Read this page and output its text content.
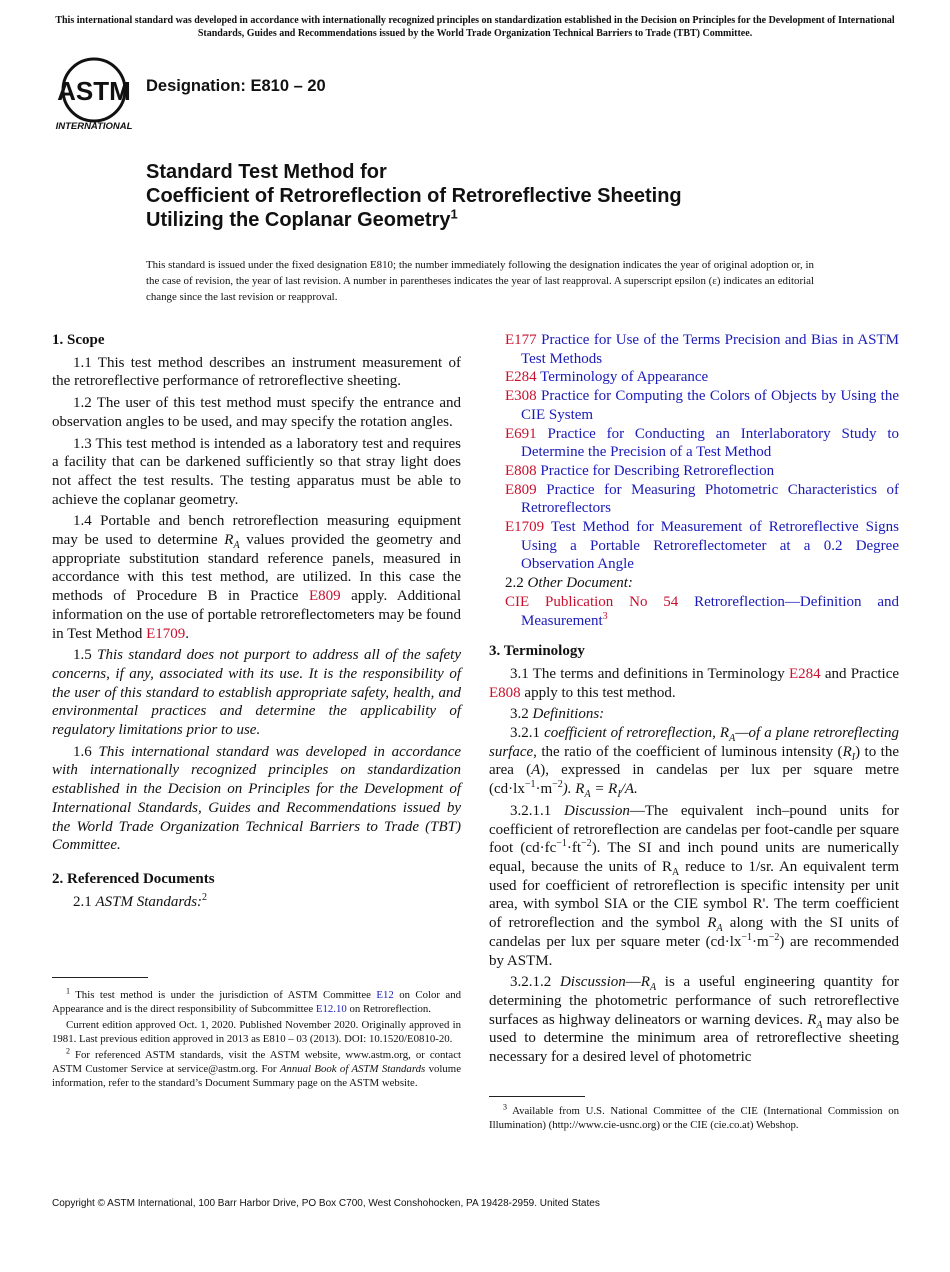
This international standard was developed in accordance with internationally recognized principles on standardization established in the Decision on Principles for the Development of International Standards, Guides and Recommendations issued by the World Trade Organization Technical Barriers to Trade (TBT) Committee.
ASTM
INTERNATIONAL
Designation: E810 – 20
Standard Test Method for
Coefficient of Retroreflection of Retroreflective Sheeting
Utilizing the Coplanar Geometry$^1$
This standard is issued under the fixed designation E810; the number immediately following the designation indicates the year of original adoption or, in the case of revision, the year of last revision. A number in parentheses indicates the year of last reapproval. A superscript epsilon (ε) indicates an editorial change since the last revision or reapproval.
1. Scope

1.1 This test method describes an instrument measurement of the retroreflective performance of retroreflective sheeting.

1.2 The user of this test method must specify the entrance and observation angles to be used, and may specify the rotation angles.

1.3 This test method is intended as a laboratory test and requires a facility that can be darkened sufficiently so that stray light does not affect the test results. The testing apparatus must be able to achieve the coplanar geometry.

1.4 Portable and bench retroreflection measuring equipment may be used to determine $R_A$ values provided the geometry and appropriate substitution standard reference panels, measured in accordance with this test method, are utilized. In this case the methods of Procedure B in Practice E809 apply. Additional information on the use of portable retroreflectometers may be found in Test Method E1709.

1.5 This standard does not purport to address all of the safety concerns, if any, associated with its use. It is the responsibility of the user of this standard to establish appropriate safety, health, and environmental practices and determine the applicability of regulatory limitations prior to use.

1.6 This international standard was developed in accordance with internationally recognized principles on standardization established in the Decision on Principles for the Development of International Standards, Guides and Recommendations issued by the World Trade Organization Technical Barriers to Trade (TBT) Committee.

2. Referenced Documents

2.1 ASTM Standards:$^2$

E177 Practice for Use of the Terms Precision and Bias in ASTM Test Methods

E284 Terminology of Appearance

E308 Practice for Computing the Colors of Objects by Using the CIE System

E691 Practice for Conducting an Interlaboratory Study to Determine the Precision of a Test Method

E808 Practice for Describing Retroreflection

E809 Practice for Measuring Photometric Characteristics of Retroreflectors

E1709 Test Method for Measurement of Retroreflective Signs Using a Portable Retroreflectometer at a 0.2 Degree Observation Angle

2.2 Other Document:

CIE Publication No 54 Retroreflection—Definition and Measurement$^3$

3. Terminology

3.1 The terms and definitions in Terminology E284 and Practice E808 apply to this test method.

3.2 Definitions:

3.2.1 coefficient of retroreflection, $R_A—of$ a plane retroreflecting surface, the ratio of the coefficient of luminous intensity $(R_I)$ to the area (A), expressed in candelas per lux per square metre $(cd\cdot lx^{-1}\cdot m^{-2})$. $R_A = R_I/A$.

3.2.1.1 Discussion—The equivalent inch–pound units for coefficient of retroreflection are candelas per foot-candle per square foot $(cd\cdot fc^{-1}\cdot ft^{-2})$. The SI and inch pound units are numerically equal, because the units of $R_A$ reduce to 1/sr. An equivalent term used for coefficient of retroreflection is specific intensity per unit area, with symbol SIA or the CIE symbol R'. The term coefficient of retroreflection and the symbol $R_A$ along with the SI units of candelas per lux per square meter $(cd\cdot lx^{-1}\cdot m^{-2})$ are recommended by ASTM.

3.2.1.2 $Discussion—R_A$ is a useful engineering quantity for determining the photometric performance of such retroreflective surfaces as highway delineators or warning devices. $R_A$ may also be used to determine the minimum area of retroreflective sheeting necessary for a desired level of photometric

$^1$ This test method is under the jurisdiction of ASTM Committee E12 on Color and Appearance and is the direct responsibility of Subcommittee E12.10 on Retroreflection.

Current edition approved Oct. 1, 2020. Published November 2020. Originally approved in 1981. Last previous edition approved in 2013 as E810 – 03 (2013). DOI: 10.1520/E0810-20.

$^2$ For referenced ASTM standards, visit the ASTM website, www.astm.org, or contact ASTM Customer Service at service@astm.org. For Annual Book of ASTM Standards volume information, refer to the standard’s Document Summary page on the ASTM website.

$^3$ Available from U.S. National Committee of the CIE (International Commission on Illumination) (http://www.cie-usnc.org) or the CIE (cie.co.at) Webshop.

Copyright © ASTM International, 100 Barr Harbor Drive, PO Box C700, West Conshohocken, PA 19428-2959. United States
